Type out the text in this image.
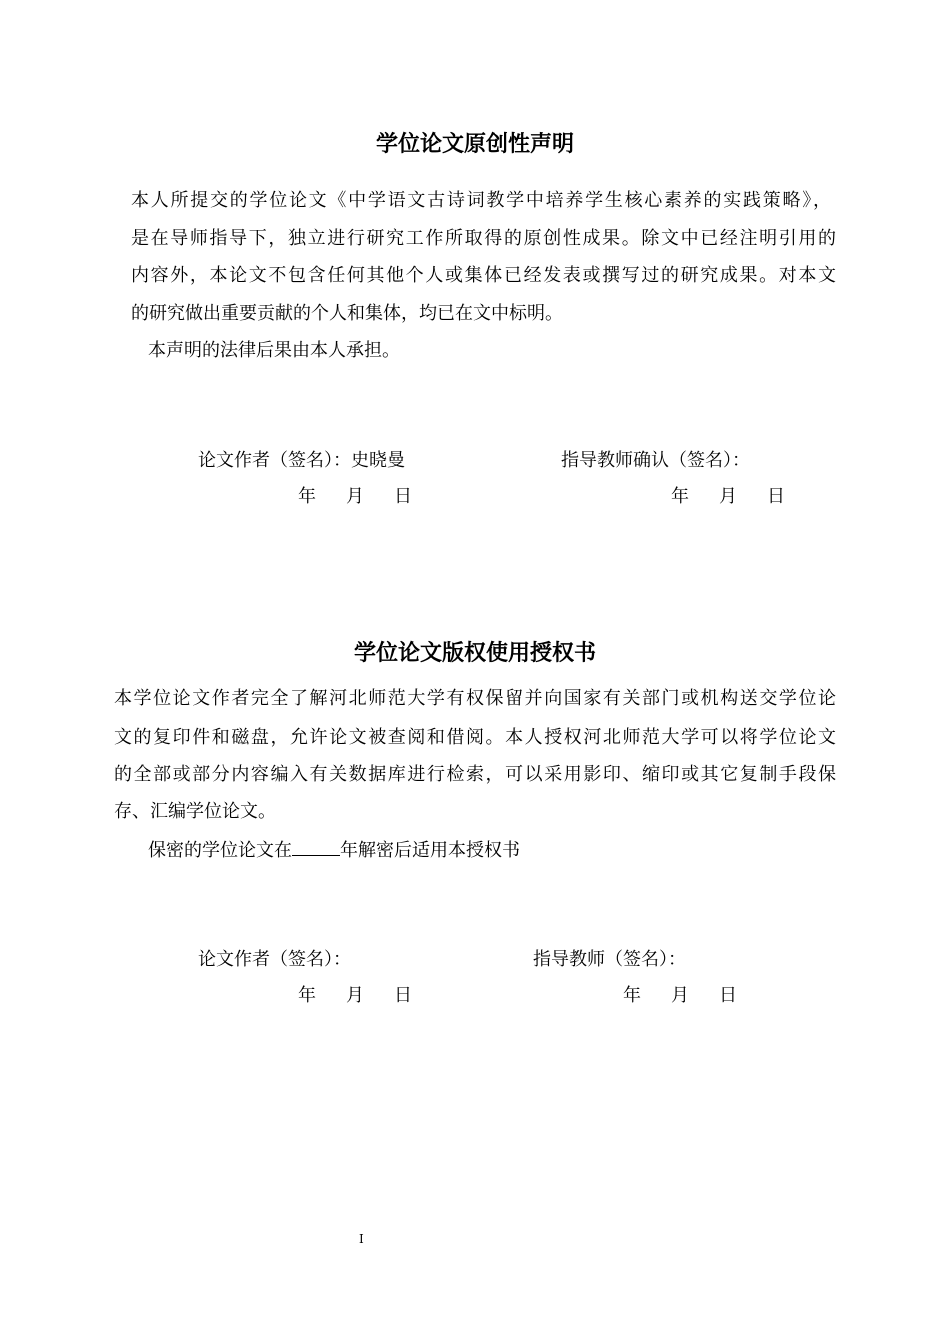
学位论文原创性声明
本人所提交的学位论文《中学语文古诗词教学中培养学生核心素养的实践策略》，
是在导师指导下，独立进行研究工作所取得的原创性成果。除文中已经注明引用的
内容外，本论文不包含任何其他个人或集体已经发表或撰写过的研究成果。对本文
的研究做出重要贡献的个人和集体，均已在文中标明。
本声明的法律后果由本人承担。
论文作者（签名）：史晓曼	指导教师确认（签名）：
年 月 日	年 月 日
学位论文版权使用授权书
本学位论文作者完全了解河北师范大学有权保留并向国家有关部门或机构送交学位论
文的复印件和磁盘，允许论文被查阅和借阅。本人授权河北师范大学可以将学位论文
的全部或部分内容编入有关数据库进行检索，可以采用影印、缩印或其它复制手段保
存、汇编学位论文。
保密的学位论文在	年解密后适用本授权书
论文作者（签名）：	指导教师（签名）：
年 月 日	年 月 日
I
